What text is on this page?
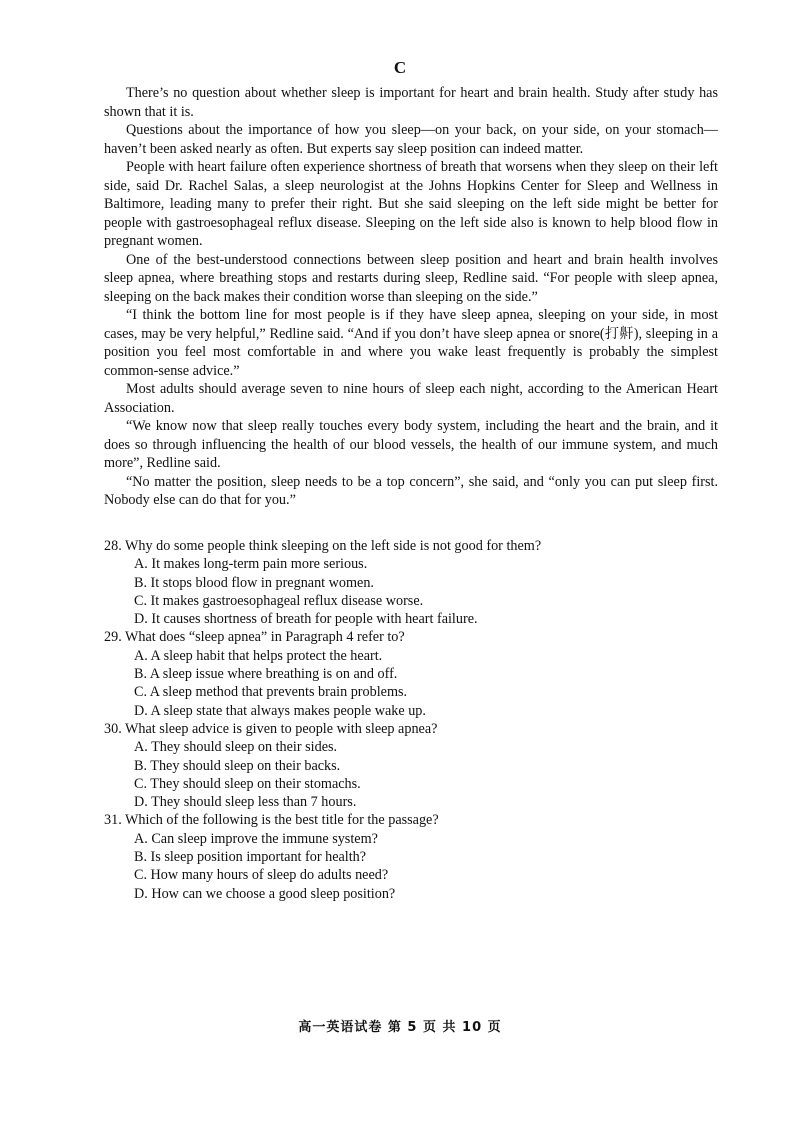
C

There’s no question about whether sleep is important for heart and brain health. Study after study has shown that it is.

Questions about the importance of how you sleep—on your back, on your side, on your stomach—haven’t been asked nearly as often. But experts say sleep position can indeed matter.

People with heart failure often experience shortness of breath that worsens when they sleep on their left side, said Dr. Rachel Salas, a sleep neurologist at the Johns Hopkins Center for Sleep and Wellness in Baltimore, leading many to prefer their right. But she said sleeping on the left side might be better for people with gastroesophageal reflux disease. Sleeping on the left side also is known to help blood flow in pregnant women.

One of the best-understood connections between sleep position and heart and brain health involves sleep apnea, where breathing stops and restarts during sleep, Redline said. “For people with sleep apnea, sleeping on the back makes their condition worse than sleeping on the side.”

“I think the bottom line for most people is if they have sleep apnea, sleeping on your side, in most cases, may be very helpful,” Redline said. “And if you don’t have sleep apnea or snore(打鼾), sleeping in a position you feel most comfortable in and where you wake least frequently is probably the simplest common-sense advice.”

Most adults should average seven to nine hours of sleep each night, according to the American Heart Association.

“We know now that sleep really touches every body system, including the heart and the brain, and it does so through influencing the health of our blood vessels, the health of our immune system, and much more”, Redline said.

“No matter the position, sleep needs to be a top concern”, she said, and “only you can put sleep first. Nobody else can do that for you.”

28. Why do some people think sleeping on the left side is not good for them?

A. It makes long-term pain more serious.

B. It stops blood flow in pregnant women.

C. It makes gastroesophageal reflux disease worse.

D. It causes shortness of breath for people with heart failure.

29. What does “sleep apnea” in Paragraph 4 refer to?

A. A sleep habit that helps protect the heart.

B. A sleep issue where breathing is on and off.

C. A sleep method that prevents brain problems.

D. A sleep state that always makes people wake up.

30. What sleep advice is given to people with sleep apnea?

A. They should sleep on their sides.

B. They should sleep on their backs.

C. They should sleep on their stomachs.

D. They should sleep less than 7 hours.

31. Which of the following is the best title for the passage?

A. Can sleep improve the immune system?

B. Is sleep position important for health?

C. How many hours of sleep do adults need?

D. How can we choose a good sleep position?

高一英语试卷 第 5 页 共 10 页
